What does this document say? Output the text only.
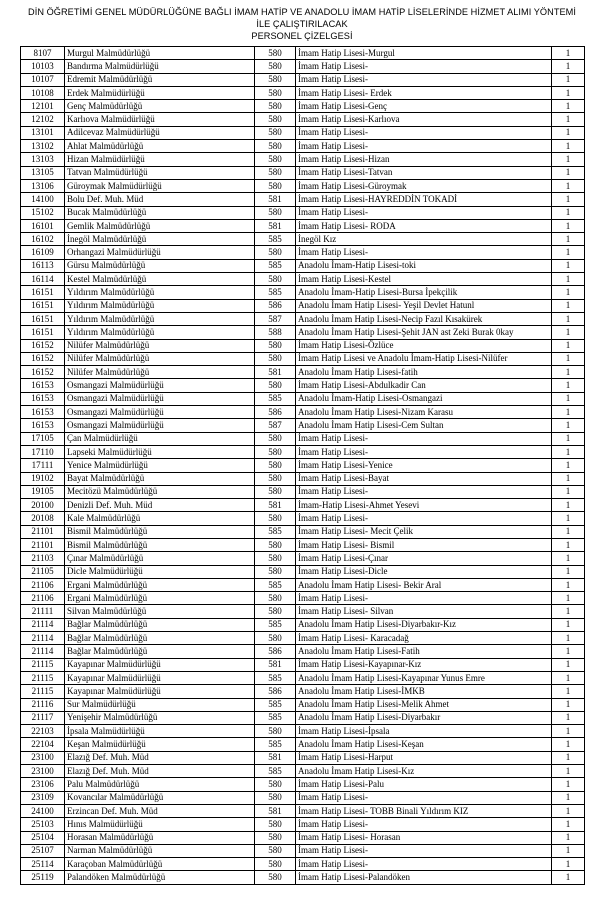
DİN ÖĞRETİMİ GENEL MÜDÜRLÜĞÜNE BAĞLI İMAM HATİP VE ANADOLU İMAM HATİP LİSELERİNDE HİZMET ALIMI YÖNTEMİ İLE ÇALIŞTIRILACAK
PERSONEL ÇİZELGESİ
8107	Murgul Malmüdürlüğü	580	İmam Hatip Lisesi-Murgul	1
10103	Bandırma Malmüdürlüğü	580	İmam Hatip Lisesi-	1
10107	Edremit Malmüdürlüğü	580	İmam Hatip Lisesi-	1
10108	Erdek Malmüdürlüğü	580	İmam Hatip Lisesi- Erdek	1
12101	Genç Malmüdürlüğü	580	İmam Hatip Lisesi-Genç	1
12102	Karlıova Malmüdürlüğü	580	İmam Hatip Lisesi-Karlıova	1
13101	Adilcevaz Malmüdürlüğü	580	İmam Hatip Lisesi-	1
13102	Ahlat Malmüdürlüğü	580	İmam Hatip Lisesi-	1
13103	Hizan Malmüdürlüğü	580	İmam Hatip Lisesi-Hizan	1
13105	Tatvan Malmüdürlüğü	580	İmam Hatip Lisesi-Tatvan	1
13106	Güroymak Malmüdürlüğü	580	İmam Hatip Lisesi-Güroymak	1
14100	Bolu Def. Muh. Müd	581	İmam Hatip Lisesi-HAYREDDİN TOKADİ	1
15102	Bucak Malmüdürlüğü	580	İmam Hatip Lisesi-	1
16101	Gemlik Malmüdürlüğü	581	İmam Hatip Lisesi- RODA	1
16102	İnegöl Malmüdürlüğü	585	İnegöl Kız	1
16109	Orhangazi Malmüdürlüğü	580	İmam Hatip Lisesi-	1
16113	Gürsu Malmüdürlüğü	585	Anadolu İmam-Hatip Lisesi-toki	1
16114	Kestel Malmüdürlüğü	580	İmam Hatip Lisesi-Kestel	1
16151	Yıldırım Malmüdürlüğü	585	Anadolu İmam-Hatip Lisesi-Bursa İpekçilik	1
16151	Yıldırım Malmüdürlüğü	586	Anadolu İmam Hatip Lisesi- Yeşil Devlet Hatunl	1
16151	Yıldırım Malmüdürlüğü	587	Anadolu İmam Hatip Lisesi-Necip Fazıl Kısakürek	1
16151	Yıldırım Malmüdürlüğü	588	Anadolu İmam Hatip Lisesi-Şehit JAN ast Zeki Burak 0kay	1
16152	Nilüfer Malmüdürlüğü	580	İmam Hatip Lisesi-Özlüce	1
16152	Nilüfer Malmüdürlüğü	580	İmam Hatip Lisesi ve Anadolu İmam-Hatip Lisesi-Nilüfer	1
16152	Nilüfer Malmüdürlüğü	581	Anadolu İmam Hatip Lisesi-fatih	1
16153	Osmangazi Malmüdürlüğü	580	İmam Hatip Lisesi-Abdulkadir Can	1
16153	Osmangazi Malmüdürlüğü	585	Anadolu İmam-Hatip Lisesi-Osmangazi	1
16153	Osmangazi Malmüdürlüğü	586	Anadolu İmam Hatip Lisesi-Nizam Karasu	1
16153	Osmangazi Malmüdürlüğü	587	Anadolu İmam Hatip Lisesi-Cem Sultan	1
17105	Çan Malmüdürlüğü	580	İmam Hatip Lisesi-	1
17110	Lapseki Malmüdürlüğü	580	İmam Hatip Lisesi-	1
17111	Yenice Malmüdürlüğü	580	İmam Hatip Lisesi-Yenice	1
19102	Bayat Malmüdürlüğü	580	İmam Hatip Lisesi-Bayat	1
19105	Mecitözü Malmüdürlüğü	580	İmam Hatip Lisesi-	1
20100	Denizli Def. Muh. Müd	581	İmam-Hatip Lisesi-Ahmet Yesevi	1
20108	Kale Malmüdürlüğü	580	İmam Hatip Lisesi-	1
21101	Bismil Malmüdürlüğü	585	İmam Hatip Lisesi- Mecit Çelik	1
21101	Bismil Malmüdürlüğü	580	İmam Hatip Lisesi- Bismil	1
21103	Çınar Malmüdürlüğü	580	İmam Hatip Lisesi-Çınar	1
21105	Dicle Malmüdürlüğü	580	İmam Hatip Lisesi-Dicle	1
21106	Ergani Malmüdürlüğü	585	Anadolu İmam Hatip Lisesi- Bekir Aral	1
21106	Ergani Malmüdürlüğü	580	İmam Hatip Lisesi-	1
21111	Silvan Malmüdürlüğü	580	İmam Hatip Lisesi- Silvan	1
21114	Bağlar Malmüdürlüğü	585	Anadolu İmam Hatip Lisesi-Diyarbakır-Kız	1
21114	Bağlar Malmüdürlüğü	580	İmam Hatip Lisesi- Karacadağ	1
21114	Bağlar Malmüdürlüğü	586	Anadolu İmam Hatip Lisesi-Fatih	1
21115	Kayapınar Malmüdürlüğü	581	İmam Hatip Lisesi-Kayapınar-Kız	1
21115	Kayapınar Malmüdürlüğü	585	Anadolu İmam Hatip Lisesi-Kayapınar Yunus Emre	1
21115	Kayapınar Malmüdürlüğü	586	Anadolu İmam Hatip Lisesi-İMKB	1
21116	Sur Malmüdürlüğü	585	Anadolu İmam Hatip Lisesi-Melik Ahmet	1
21117	Yenişehir Malmüdürlüğü	585	Anadolu İmam Hatip Lisesi-Diyarbakır	1
22103	İpsala Malmüdürlüğü	580	İmam Hatip Lisesi-İpsala	1
22104	Keşan Malmüdürlüğü	585	Anadolu İmam Hatip Lisesi-Keşan	1
23100	Elazığ Def. Muh. Müd	581	İmam Hatip Lisesi-Harput	1
23100	Elazığ Def. Muh. Müd	585	Anadolu İmam Hatip Lisesi-Kız	1
23106	Palu Malmüdürlüğü	580	İmam Hatip Lisesi-Palu	1
23109	Kovancılar Malmüdürlüğü	580	İmam Hatip Lisesi-	1
24100	Erzincan Def. Muh. Müd	581	İmam Hatip Lisesi- TOBB Binali Yıldırım KIZ	1
25103	Hınıs Malmüdürlüğü	580	İmam Hatip Lisesi-	1
25104	Horasan Malmüdürlüğü	580	İmam Hatip Lisesi- Horasan	1
25107	Narman Malmüdürlüğü	580	İmam Hatip Lisesi-	1
25114	Karaçoban Malmüdürlüğü	580	İmam Hatip Lisesi-	1
25119	Palandöken Malmüdürlüğü	580	İmam Hatip Lisesi-Palandöken	1
